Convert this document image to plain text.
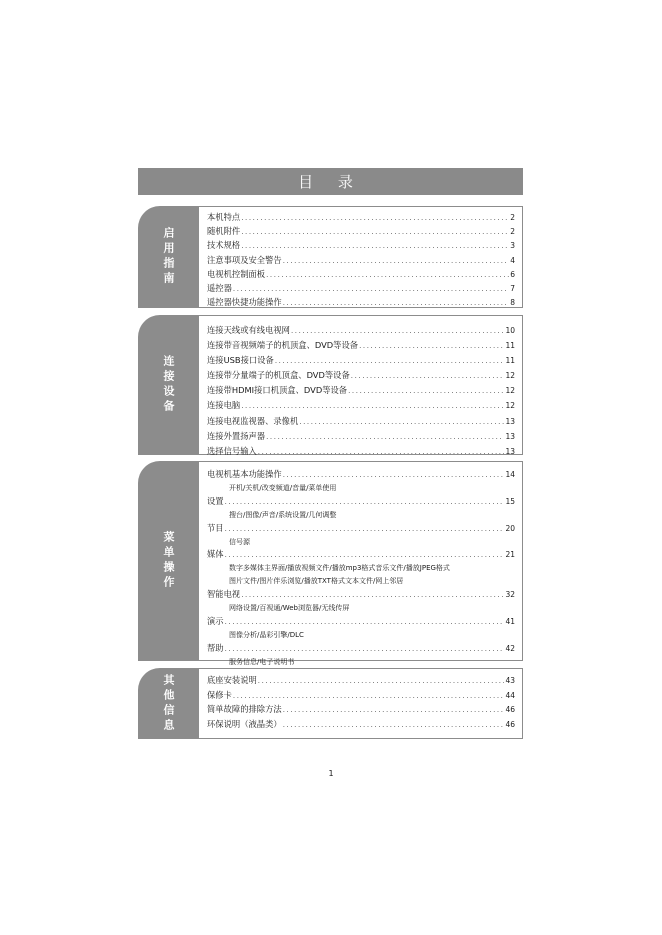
目 录
启用指南
本机特点 .....	2
随机附件 .....	2
技术规格 .....	3
注意事项及安全警告 .....	4
电视机控制面板 .....	6
遥控器 .....	7
遥控器快捷功能操作 .....	8
连接设备
连接天线或有线电视网 .....	10
连接带音视频端子的机顶盒、DVD等设备 .....	11
连接USB接口设备 .....	11
连接带分量端子的机顶盒、DVD等设备 .....	12
连接带HDMI接口机顶盒、DVD等设备 .....	12
连接电脑 .....	12
连接电视监视器、录像机 .....	13
连接外置扬声器 .....	13
选择信号输入 .....	13
菜单操作
电视机基本功能操作 .....	14
开机/关机/改变频道/音量/菜单使用
设置 .....	15
搜台/图像/声音/系统设置/几何调整
节目 .....	20
信号源
媒体 .....	21
数字多媒体主界面/播放视频文件/播放mp3格式音乐文件/播放JPEG格式
图片文件/图片伴乐浏览/播放TXT格式文本文件/网上邻居
智能电视 .....	32
网络设置/百视通/Web浏览器/无线传屏
演示 .....	41
图像分析/晶彩引擎/DLC
帮助 .....	42
服务信息/电子说明书
其他信息	底座安装说明 .....	43
保修卡 .....	44
简单故障的排除方法 .....	46
环保说明（液晶类） .....	46
1
